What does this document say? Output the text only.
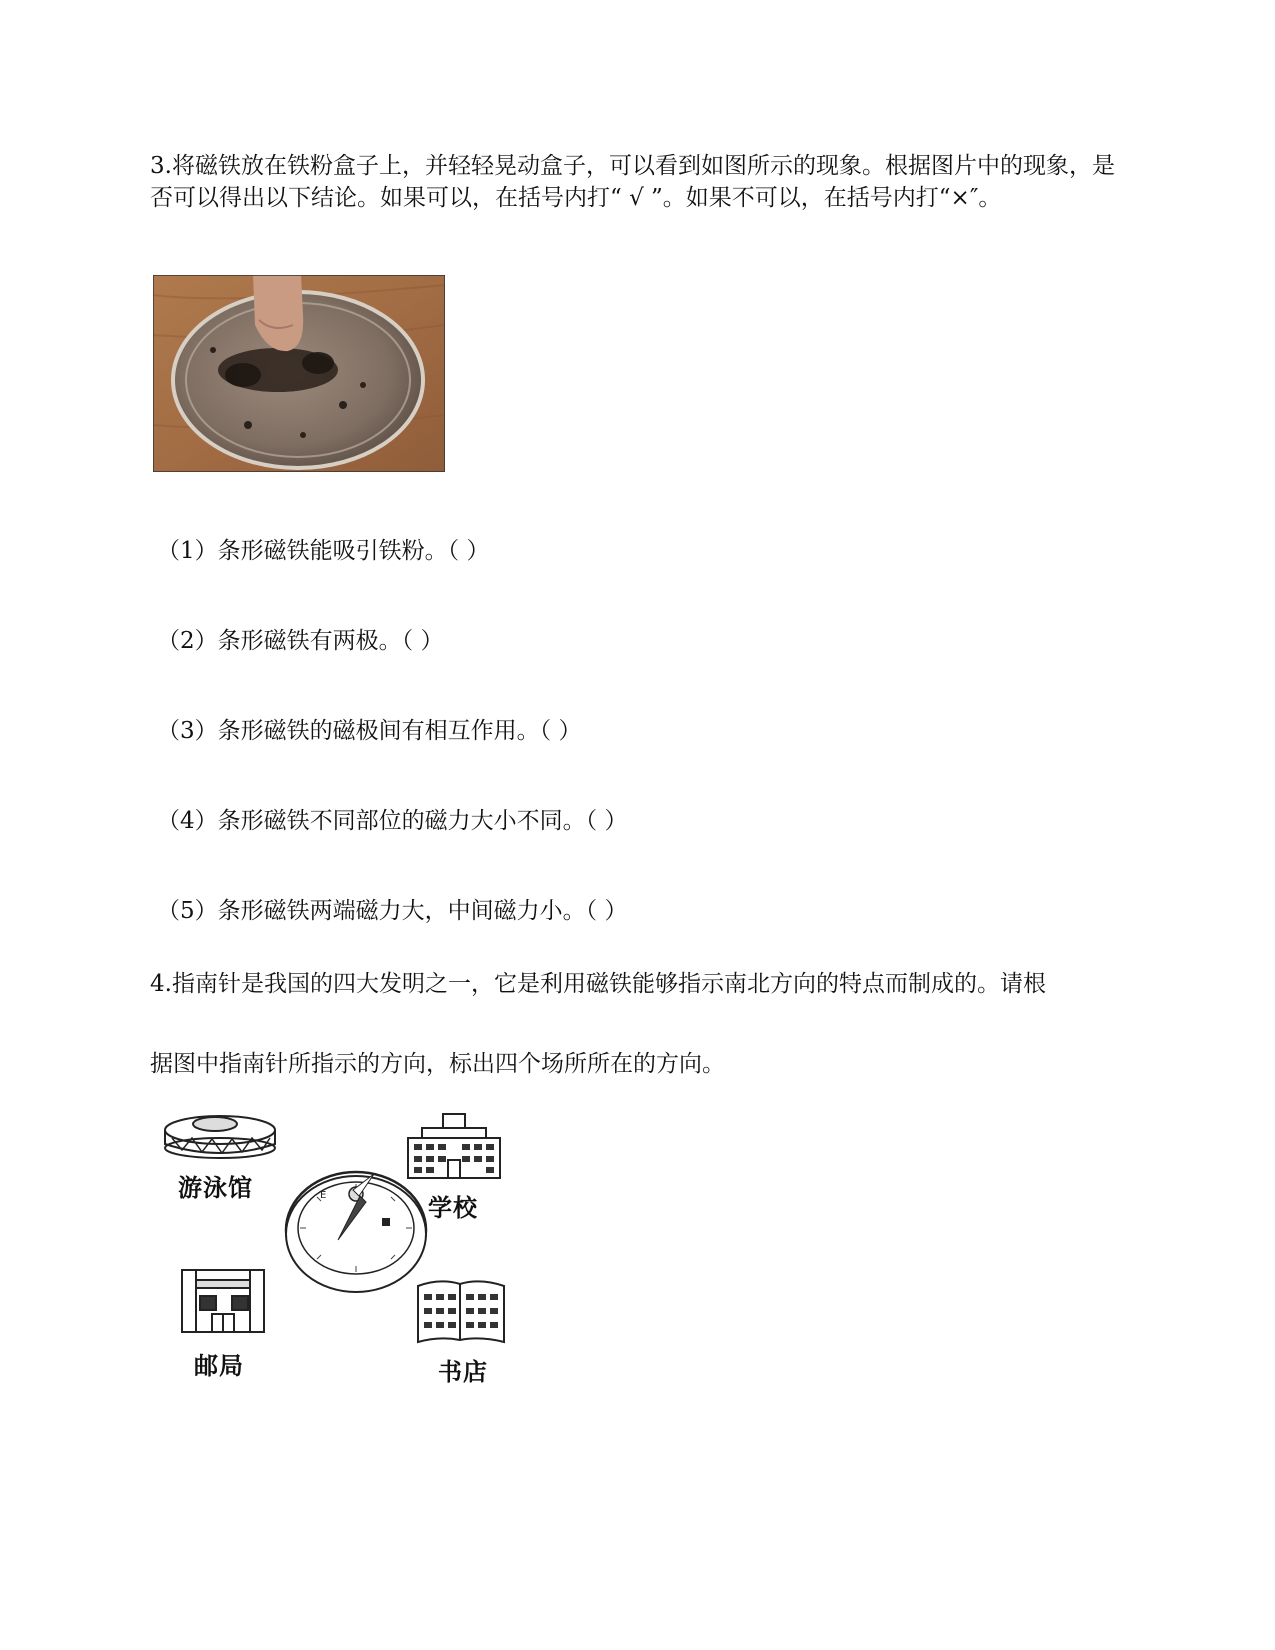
3.将磁铁放在铁粉盒子上，并轻轻晃动盒子，可以看到如图所示的现象。根据图片中的现象，是否可以得出以下结论。如果可以，在括号内打“ √ ”。如果不可以，在括号内打“×″。

（1）条形磁铁能吸引铁粉。（ ）
（2）条形磁铁有两极。（ ）
（3）条形磁铁的磁极间有相互作用。（ ）
（4）条形磁铁不同部位的磁力大小不同。（ ）
（5）条形磁铁两端磁力大，中间磁力小。（ ）

4.指南针是我国的四大发明之一，它是利用磁铁能够指示南北方向的特点而制成的。请根

据图中指南针所指示的方向，标出四个场所所在的方向。

E
游泳馆
学校
邮局	书店
